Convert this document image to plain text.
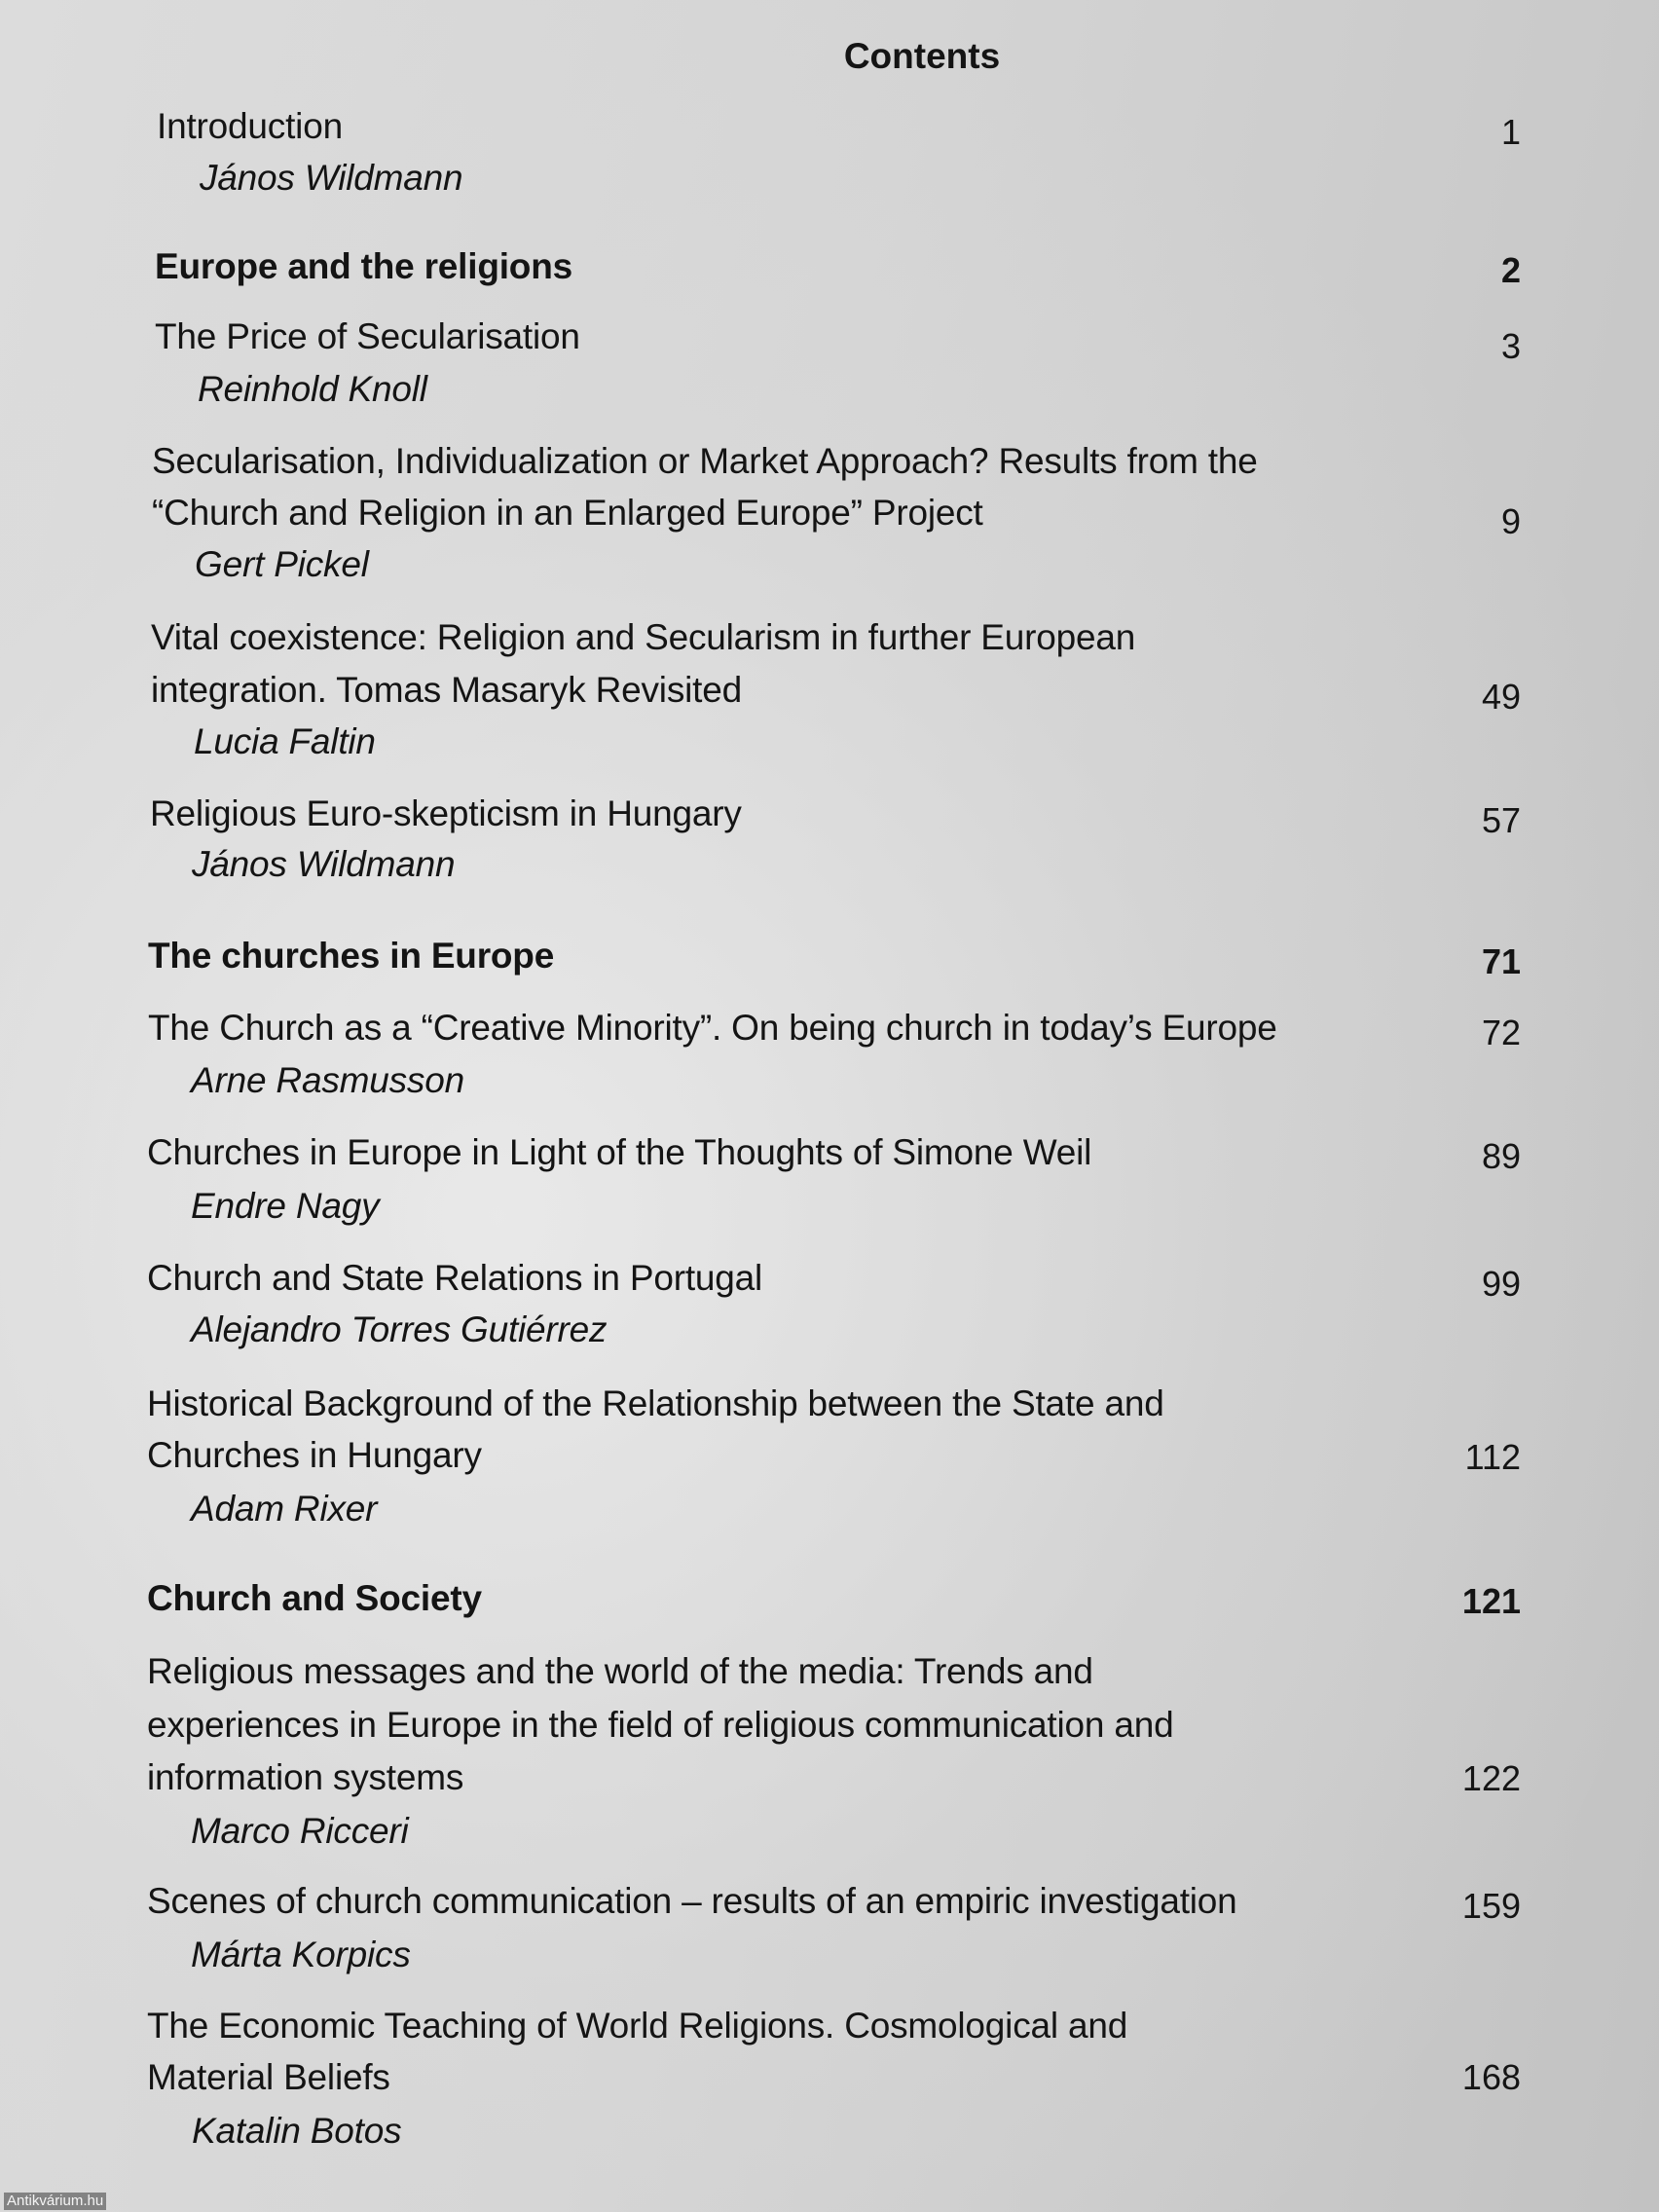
Contents
Introduction	1
János Wildmann
Europe and the religions	2
The Price of Secularisation	3
Reinhold Knoll
Secularisation, Individualization or Market Approach? Results from the
“Church and Religion in an Enlarged Europe” Project	9
Gert Pickel
Vital coexistence: Religion and Secularism in further European
integration. Tomas Masaryk Revisited	49
Lucia Faltin
Religious Euro-skepticism in Hungary	57
János Wildmann
The churches in Europe	71
The Church as a “Creative Minority”. On being church in today’s Europe	72
Arne Rasmusson
Churches in Europe in Light of the Thoughts of Simone Weil	89
Endre Nagy
Church and State Relations in Portugal	99
Alejandro Torres Gutiérrez
Historical Background of the Relationship between the State and
Churches in Hungary	112
Adam Rixer
Church and Society	121
Religious messages and the world of the media: Trends and
experiences in Europe in the field of religious communication and
information systems	122
Marco Ricceri
Scenes of church communication – results of an empiric investigation	159
Márta Korpics
The Economic Teaching of World Religions. Cosmological and
Material Beliefs	168
Katalin Botos
Antikvárium.hu
